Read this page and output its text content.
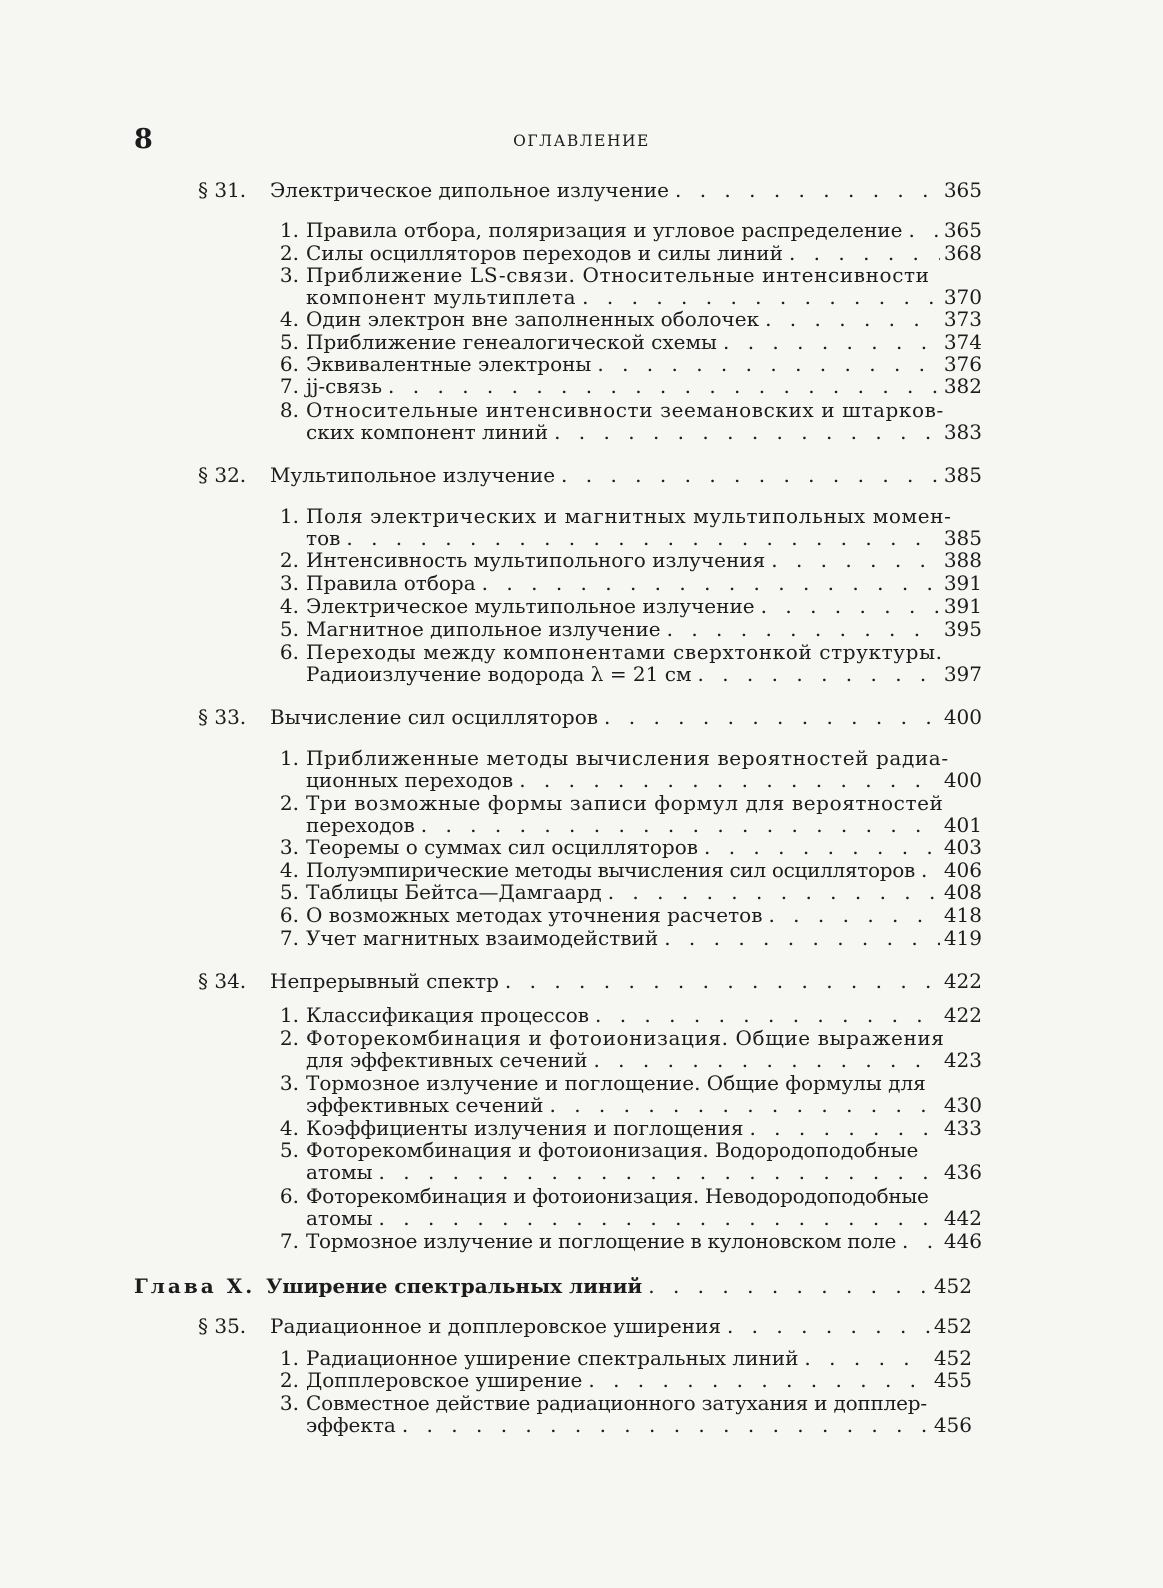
8	ОГЛАВЛЕНИЕ
§ 31.	Электрическое дипольное излучение . . .	365
1. Правила отбора, поляризация и угловое распределение . . . 365
2. Силы осцилляторов переходов и силы линий . . .	368
3. Приближение LS-связи. Относительные интенсивности
компонент мультиплета . . .	370
4. Один электрон вне заполненных оболочек . . .	373
5. Приближение генеалогической схемы . . .	374
6. Эквивалентные электроны . . .	376
7. jj-связь . . .	382
8. Относительные интенсивности зеемановских и штарков-
ских компонент линий . . .	383
§ 32.	Мультипольное излучение . . .	385
1. Поля электрических и магнитных мультипольных момен-
тов . . .	385
2. Интенсивность мультипольного излучения . . .	388
3. Правила отбора . . .	391
4. Электрическое мультипольное излучение . . .	391
5. Магнитное дипольное излучение . . .	395
6. Переходы между компонентами сверхтонкой структуры.
Радиоизлучение водорода λ = 21 см . . .	397
§ 33.	Вычисление сил осцилляторов . . .	400
1. Приближенные методы вычисления вероятностей радиа-
ционных переходов . . .	400
2. Три возможные формы записи формул для вероятностей
переходов . . .	401
3. Теоремы о суммах сил осцилляторов . . .	403
4. Полуэмпирические методы вычисления сил осцилляторов . . . 406
5. Таблицы Бейтса—Дамгаард . . .	408
6. О возможных методах уточнения расчетов . . .	418
7. Учет магнитных взаимодействий . . .	419
§ 34.	Непрерывный спектр . . .	422
1. Классификация процессов . . .	422
2. Фоторекомбинация и фотоионизация. Общие выражения
для эффективных сечений . . .	423
3. Тормозное излучение и поглощение. Общие формулы для
эффективных сечений . . .	430
4. Коэффициенты излучения и поглощения . . .	433
5. Фоторекомбинация и фотоионизация. Водородоподобные
атомы . . .	436
6. Фоторекомбинация и фотоионизация. Неводородоподобные
атомы . . .	442
7. Тормозное излучение и поглощение в кулоновском поле . . . 446
Глава X. Уширение спектральных линий . . .	452
§ 35.	Радиационное и допплеровское уширения . . .	452
1. Радиационное уширение спектральных линий . . .	452
2. Допплеровское уширение . . .	455
3. Совместное действие радиационного затухания и допплер-
эффекта . . .	456
